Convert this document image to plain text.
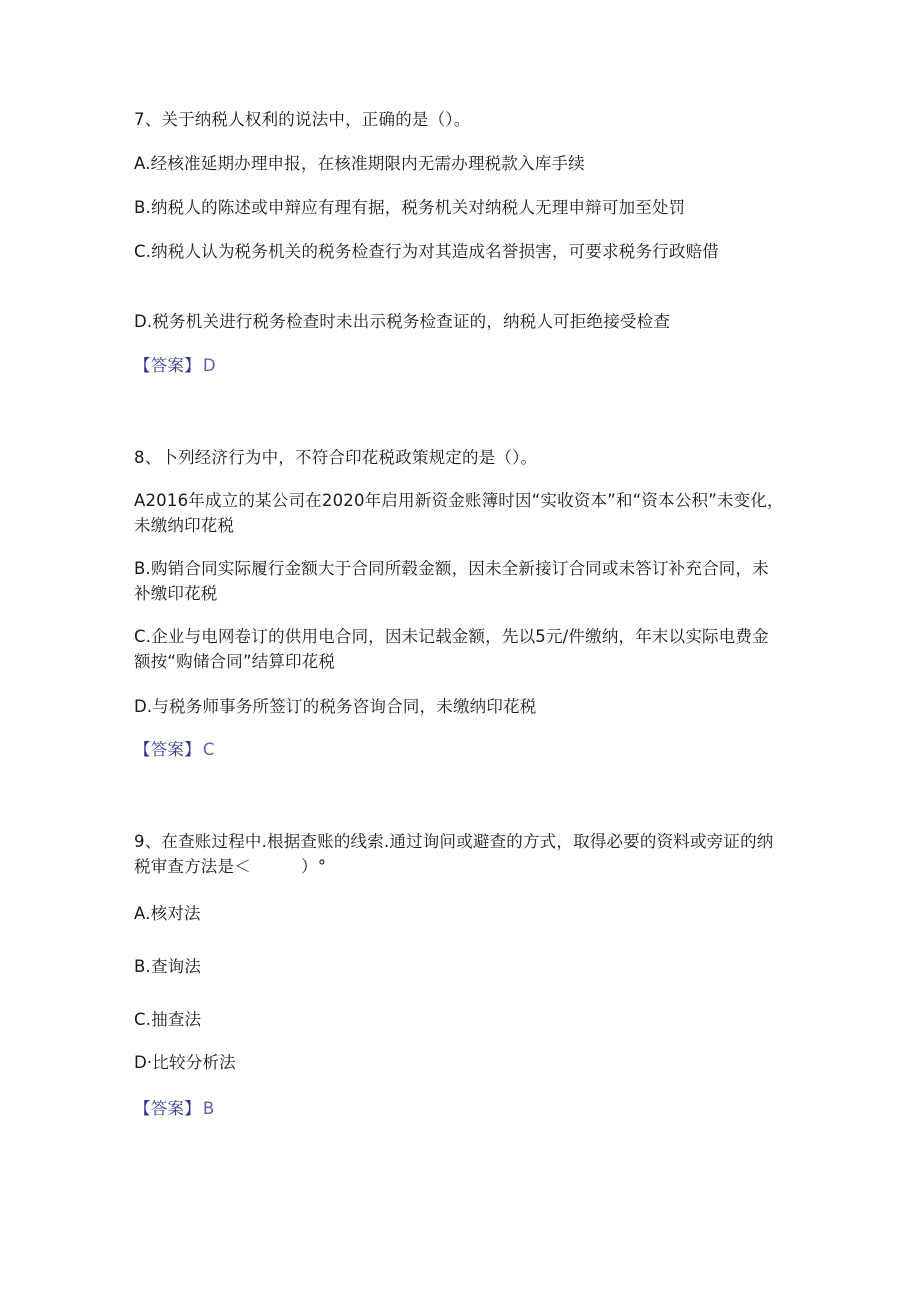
7、关于纳税人权利的说法中，正确的是（）。
A.经核准延期办理申报，在核准期限内无需办理税款入库手续
B.纳税人的陈述或申辩应有理有据，税务机关对纳税人无理申辩可加至处罚
C.纳税人认为税务机关的税务检查行为对其造成名誉损害，可要求税务行政赔借
D.税务机关进行税务检查时未出示税务检查证的，纳税人可拒绝接受检查
【答案】 D
8、卜列经济行为中，不符合印花税政策规定的是（）。
A2016年成立的某公司在2020年启用新资金账簿时因“实收资本”和“资本公积”未变化，未缴纳印花税
B.购销合同实际履行金额大于合同所毂金额，因未全新接订合同或未答订补充合同，未补缴印花税
C.企业与电网卷订的供用电合同，因未记载金额，先以5元/件缴纳，年末以实际电费金额按“购储合同”结算印花税
D.与税务师事务所签订的税务咨询合同，未缴纳印花税
【答案】 C
9、在查账过程中.根据查账的线索.通过询问或避查的方式，取得必要的资料或旁证的纳税审查方法是＜　　　）°
A.核对法
B.查询法
C.抽查法
D·比较分析法
【答案】 B
